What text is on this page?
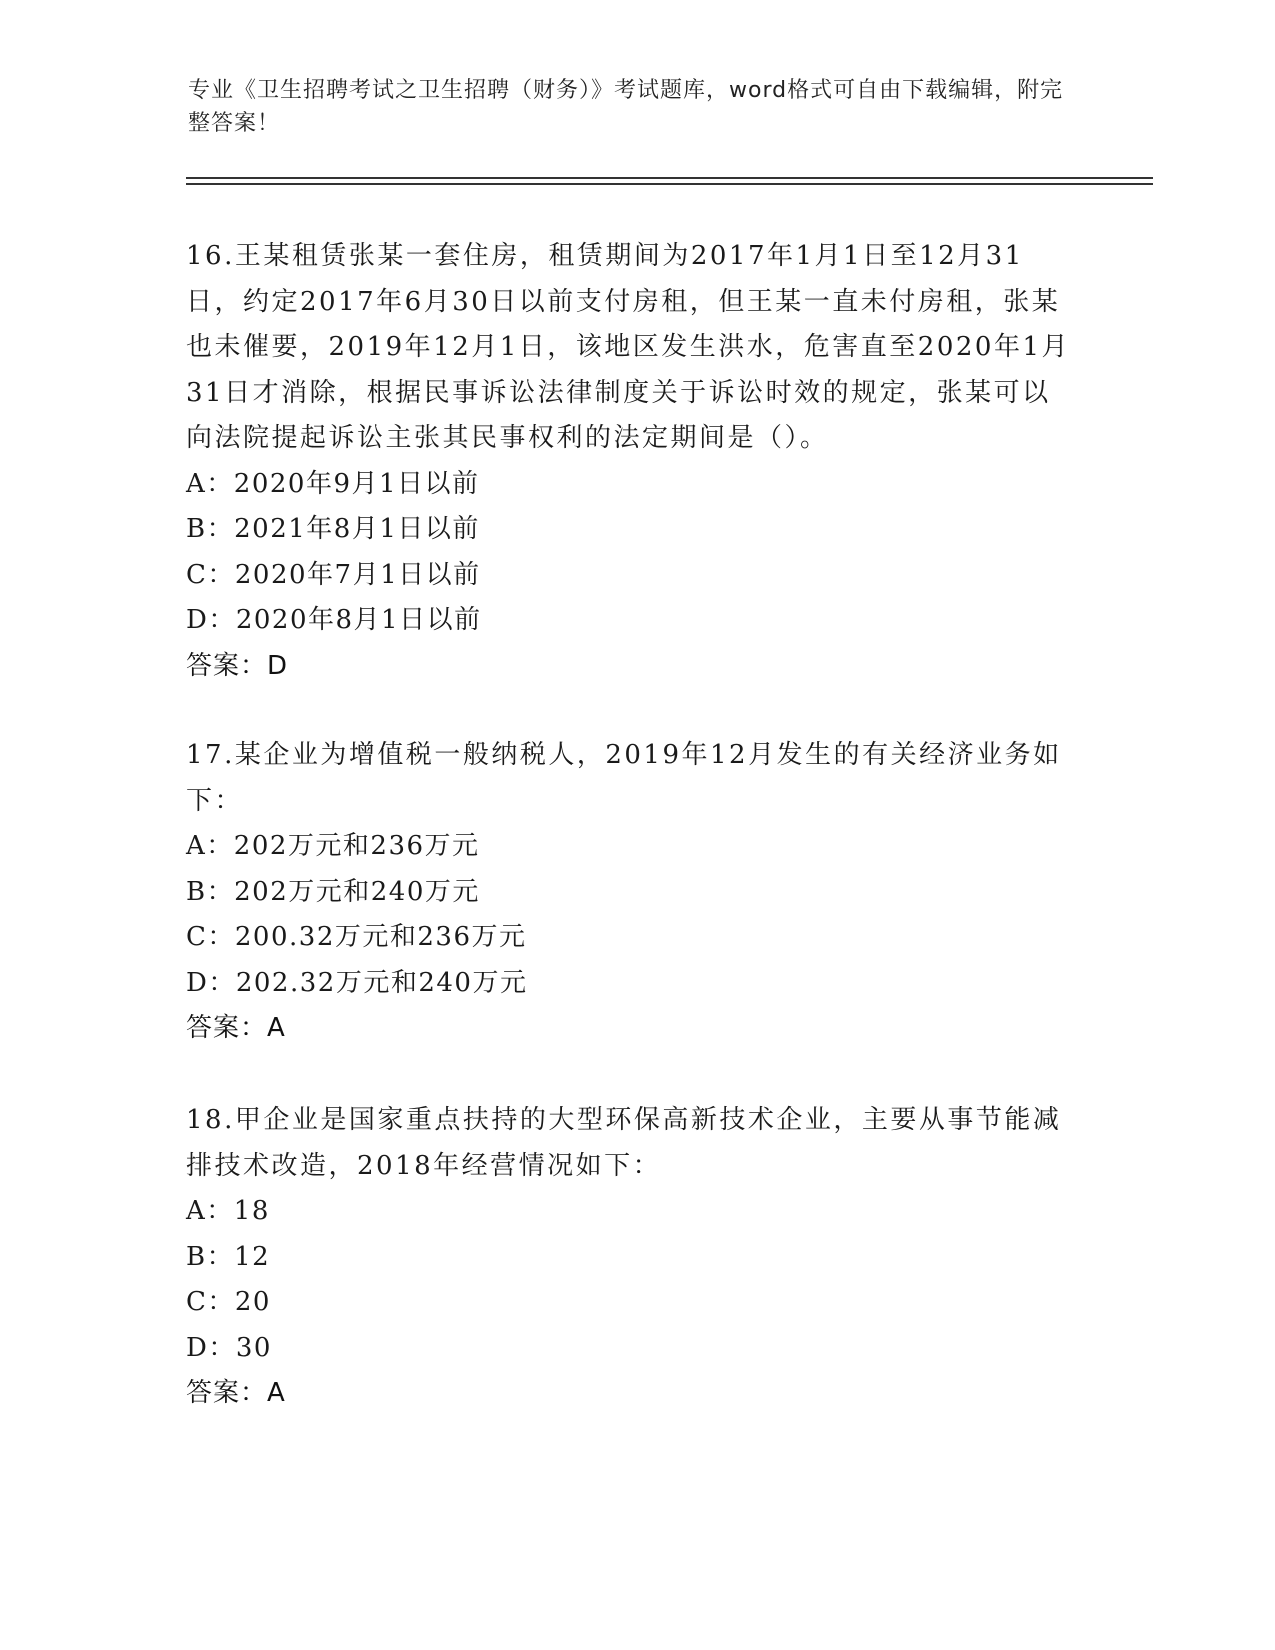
专业《卫生招聘考试之卫生招聘（财务）》考试题库，word格式可自由下载编辑，附完整答案！
16.王某租赁张某一套住房，租赁期间为2017年1月1日至12月31日，约定2017年6月30日以前支付房租，但王某一直未付房租，张某也未催要，2019年12月1日，该地区发生洪水，危害直至2020年1月31日才消除，根据民事诉讼法律制度关于诉讼时效的规定，张某可以向法院提起诉讼主张其民事权利的法定期间是（）。
A：2020年9月1日以前
B：2021年8月1日以前
C：2020年7月1日以前
D：2020年8月1日以前
答案：D
17.某企业为增值税一般纳税人，2019年12月发生的有关经济业务如下：
A：202万元和236万元
B：202万元和240万元
C：200.32万元和236万元
D：202.32万元和240万元
答案：A
18.甲企业是国家重点扶持的大型环保高新技术企业，主要从事节能减排技术改造，2018年经营情况如下：
A：18
B：12
C：20
D：30
答案：A
